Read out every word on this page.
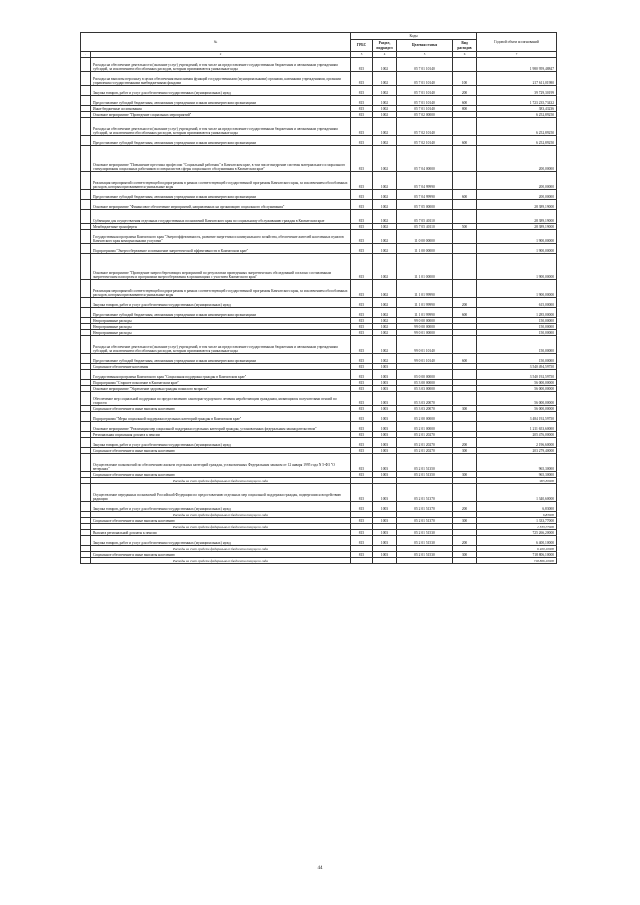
№		Коды				Годовой объем ассигнований
		ГРБС	Раздел, подраздел	Целевая статья	Вид расходов	
.	2	3	4	5	6	7
	Расходы на обеспечение деятельности (оказание услуг) учреждений, в том числе на предоставление государственным бюджетным и автономным учреждениям субсидий, за исключением обособленных расходов, которым присваиваются уникальные коды	815	1002	05 7 01 10140		1 980 959,48847
	Расходы на выплаты персоналу в целях обеспечения выполнения функций государственными (муниципальными) органами, казенными учреждениями, органами управления государственными внебюджетными фондами	815	1002	05 7 01 10140	100	217 611,01980
	Закупка товаров, работ и услуг для обеспечения государственных (муниципальных) нужд	815	1002	05 7 01 10140	200	39 729,30199
	Предоставление субсидий бюджетным, автономным учреждениям и иным некоммерческим организациям	815	1002	05 7 01 10140	600	1 723 235,73432
	Иные бюджетные ассигнования	815	1002	05 7 01 10140	800	383,43236
	Основное мероприятие "Проведение социальных мероприятий"	815	1002	05 7 02 00000		6 252,89250
	Расходы на обеспечение деятельности (оказание услуг) учреждений, в том числе на предоставление государственным бюджетным и автономным учреждениям субсидий, за исключением обособленных расходов, которым присваиваются уникальные коды	815	1002	05 7 02 10140		6 252,89250
	Предоставление субсидий бюджетным, автономным учреждениям и иным некоммерческим организациям	815	1002	05 7 02 10140	600	6 252,89250
	Основное мероприятие "Повышение престижа профессии "Социальный работник" в Камчатском крае, в том числе внедрение системы материального и морального стимулирования социальных работников и специалистов сферы социального обслуживания в Камчатском крае"	815	1002	05 7 04 00000		200,00000
	Реализация мероприятий соответствующей подпрограммы в рамках соответствующей государственной программы Камчатского края, за исключением обособленных расходов, которым присваиваются уникальные коды	815	1002	05 7 04 99990		200,00000
	Предоставление субсидий бюджетным, автономным учреждениям и иным некоммерческим организациям	815	1002	05 7 04 99990	600	200,00000
	Основное мероприятие "Финансовое обеспечение мероприятий, направленных на организацию социального обслуживания"	815	1002	05 7 05 00000		28 389,19000
	Субвенции для осуществления отдельных государственных полномочий Камчатского края по социальному обслуживанию граждан в Камчатском крае	815	1002	05 7 05 40110		28 389,19000
	Межбюджетные трансферты	815	1002	05 7 05 40110	500	28 389,19000
	Государственная программа Камчатского края "Энергоэффективность, развитие энергетики и коммунального хозяйства, обеспечение жителей населенных пунктов Камчатского края коммунальными услугами"	815	1002	11 0 00 00000		1 900,00000
	Подпрограмма "Энергосбережение и повышение энергетической эффективности в Камчатском крае"	815	1002	11 1 00 00000		1 900,00000
	Основное мероприятие "Проведение энергосберегающих мероприятий по результатам проведенных энергетических обследований согласно составленным энергетическим паспортам и программам энергосбережения в организациях с участием Камчатского края"	815	1002	11 1 01 00000		1 900,00000
	Реализация мероприятий соответствующей подпрограммы в рамках соответствующей государственной программы Камчатского края, за исключением обособленных расходов, которым присваиваются уникальные коды	815	1002	11 1 01 99990		1 900,00000
	Закупка товаров, работ и услуг для обеспечения государственных (муниципальных) нужд	815	1002	11 1 01 99990	200	615,00000
	Предоставление субсидий бюджетным, автономным учреждениям и иным некоммерческим организациям	815	1002	11 1 01 99990	600	1 285,00000
	Непрограммные расходы	815	1002	99 0 00 00000		150,00000
	Непрограммные расходы	815	1002	99 0 00 00000		150,00000
	Непрограммные расходы	815	1002	99 0 01 00000		150,00000
	Расходы на обеспечение деятельности (оказание услуг) учреждений, в том числе на предоставление государственным бюджетным и автономным учреждениям субсидий, за исключением обособленных расходов, которым присваиваются уникальные коды	815	1002	99 0 01 10140		150,00000
	Предоставление субсидий бюджетным, автономным учреждениям и иным некоммерческим организациям	815	1002	99 0 01 10140	600	150,00000
	Социальное обеспечение населения	815	1003			3 540 494,59750
	Государственная программа Камчатского края "Социальная поддержка граждан в Камчатском крае"	815	1003	05 0 00 00000		3 540 192,59750
	Подпрограмма "Старшее поколение в Камчатском крае"	815	1003	05 3 00 00000		56 000,00000
	Основное мероприятие "Укрепление здоровья граждан пожилого возраста"	815	1003	05 3 03 00000		56 000,00000
	Обеспечение мер социальной поддержки по предоставлению санаторно-курортного лечения неработающим гражданам, являющимся получателями пенсий по старости	815	1003	05 3 03 20070		56 000,00000
	Социальное обеспечение и иные выплаты населению	815	1003	05 3 03 20070	300	56 000,00000
	Подпрограмма "Меры социальной поддержки отдельных категорий граждан в Камчатском крае"	815	1003	05 2 00 00000		3 484 192,59750
	Основное мероприятие "Реализация мер социальной поддержки отдельных категорий граждан, установленных федеральным законодательством"	815	1003	05 2 01 00000		1 211 653,60000
	Региональная социальная доплата к пенсии	815	1003	05 2 01 20270		205 476,00000
	Закупка товаров, работ и услуг для обеспечения государственных (муниципальных) нужд	815	1003	05 2 01 20270	200	2 196,60000
	Социальное обеспечение и иные выплаты населению	815	1003	05 2 01 20270	300	203 279,40000
	Осуществление полномочий по обеспечению жильем отдельных категорий граждан, установленных Федеральным законом от 12 января 1995 года N 5-ФЗ "О ветеранах"	815	1003	05 2 01 51350		965,30000
	Социальное обеспечение и иные выплаты населению	815	1003	05 2 01 51350	300	965,30000
	Расходы за счет средств федерального бюджета текущего года					965,30000
	Осуществление переданных полномочий Российской Федерации по предоставлению отдельных мер социальной поддержки граждан, подвергшихся воздействию радиации	815	1003	05 2 01 51370		1 340,60000
	Закупка товаров, работ и услуг для обеспечения государственных (муниципальных) нужд	815	1003	05 2 01 51370	200	6,83000
	Расходы за счет средств федерального бюджета текущего года					6,83000
	Социальное обеспечение и иные выплаты населению	815	1003	05 2 01 51370	300	1 333,77000
	Расходы за счет средств федерального бюджета текущего года					1 333,77000
	Выплата региональной доплаты к пенсии	815	1003	05 2 01 51530		725 266,20000
	Закупка товаров, работ и услуг для обеспечения государственных (муниципальных) нужд	815	1003	05 2 01 51530	200	6 400,10000
	Расходы за счет средств федерального бюджета текущего года					6 400,10000
	Социальное обеспечение и иные выплаты населению	815	1003	05 2 01 51530	300	718 806,10000
	Расходы за счет средств федерального бюджета текущего года					718 866,10000
44
